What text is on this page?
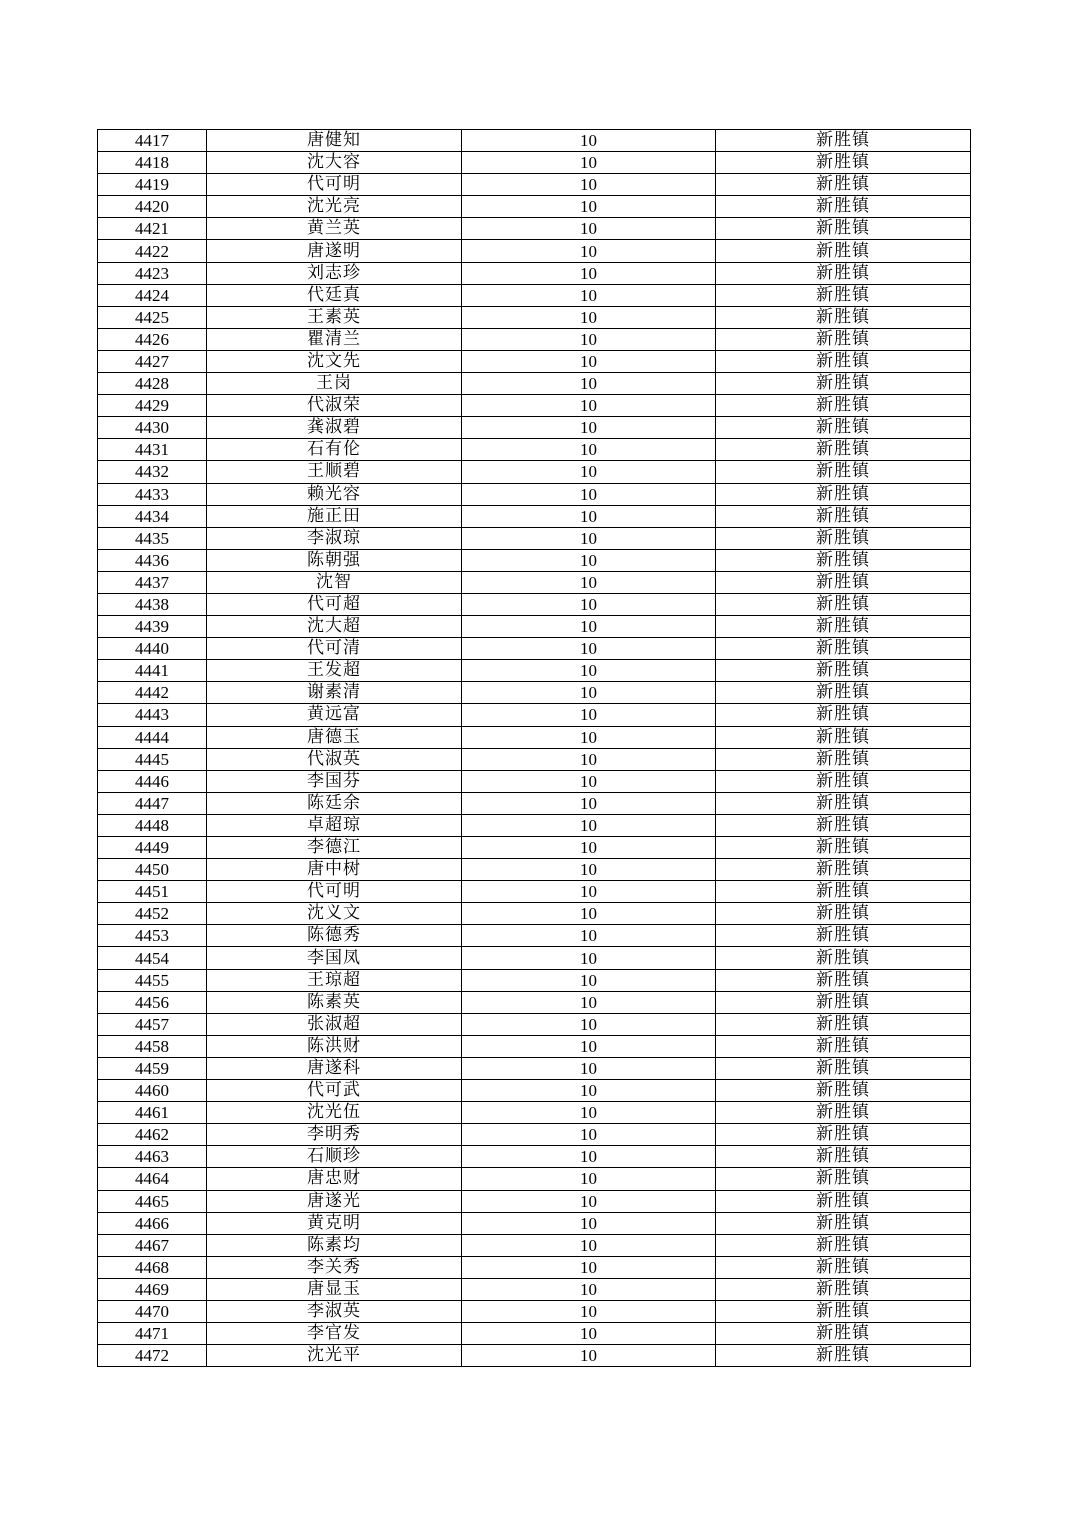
4417	唐健知	10	新胜镇
4418	沈大容	10	新胜镇
4419	代可明	10	新胜镇
4420	沈光亮	10	新胜镇
4421	黄兰英	10	新胜镇
4422	唐遂明	10	新胜镇
4423	刘志珍	10	新胜镇
4424	代廷真	10	新胜镇
4425	王素英	10	新胜镇
4426	瞿清兰	10	新胜镇
4427	沈文先	10	新胜镇
4428	王岗	10	新胜镇
4429	代淑荣	10	新胜镇
4430	龚淑碧	10	新胜镇
4431	石有伦	10	新胜镇
4432	王顺碧	10	新胜镇
4433	赖光容	10	新胜镇
4434	施正田	10	新胜镇
4435	李淑琼	10	新胜镇
4436	陈朝强	10	新胜镇
4437	沈智	10	新胜镇
4438	代可超	10	新胜镇
4439	沈大超	10	新胜镇
4440	代可清	10	新胜镇
4441	王发超	10	新胜镇
4442	谢素清	10	新胜镇
4443	黄远富	10	新胜镇
4444	唐德玉	10	新胜镇
4445	代淑英	10	新胜镇
4446	李国芬	10	新胜镇
4447	陈廷余	10	新胜镇
4448	卓超琼	10	新胜镇
4449	李德江	10	新胜镇
4450	唐中树	10	新胜镇
4451	代可明	10	新胜镇
4452	沈义文	10	新胜镇
4453	陈德秀	10	新胜镇
4454	李国凤	10	新胜镇
4455	王琼超	10	新胜镇
4456	陈素英	10	新胜镇
4457	张淑超	10	新胜镇
4458	陈洪财	10	新胜镇
4459	唐遂科	10	新胜镇
4460	代可武	10	新胜镇
4461	沈光伍	10	新胜镇
4462	李明秀	10	新胜镇
4463	石顺珍	10	新胜镇
4464	唐忠财	10	新胜镇
4465	唐遂光	10	新胜镇
4466	黄克明	10	新胜镇
4467	陈素均	10	新胜镇
4468	李关秀	10	新胜镇
4469	唐显玉	10	新胜镇
4470	李淑英	10	新胜镇
4471	李官发	10	新胜镇
4472	沈光平	10	新胜镇
